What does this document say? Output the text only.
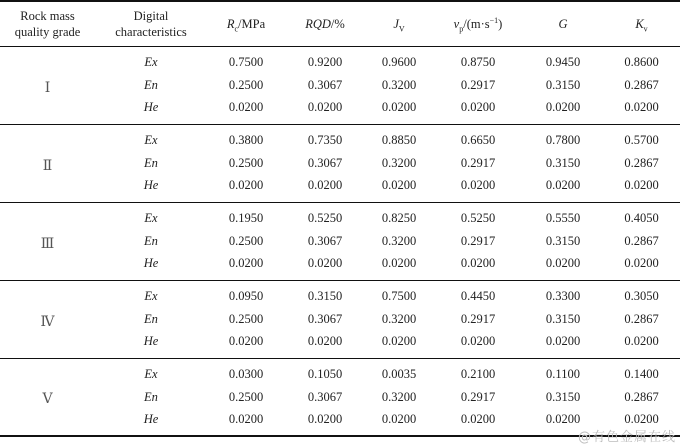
Rock mass quality grade	Digital characteristics	$R_c$/MPa	RQD/%	$J_V$	$v_p/(m\cdot s^{-1})$	G	$K_v$
Ⅰ	Ex	0.7500	0.9200	0.9600	0.8750	0.9450	0.8600
	En	0.2500	0.3067	0.3200	0.2917	0.3150	0.2867
	He	0.0200	0.0200	0.0200	0.0200	0.0200	0.0200
Ⅱ	Ex	0.3800	0.7350	0.8850	0.6650	0.7800	0.5700
	En	0.2500	0.3067	0.3200	0.2917	0.3150	0.2867
	He	0.0200	0.0200	0.0200	0.0200	0.0200	0.0200
Ⅲ	Ex	0.1950	0.5250	0.8250	0.5250	0.5550	0.4050
	En	0.2500	0.3067	0.3200	0.2917	0.3150	0.2867
	He	0.0200	0.0200	0.0200	0.0200	0.0200	0.0200
Ⅳ	Ex	0.0950	0.3150	0.7500	0.4450	0.3300	0.3050
	En	0.2500	0.3067	0.3200	0.2917	0.3150	0.2867
	He	0.0200	0.0200	0.0200	0.0200	0.0200	0.0200
Ⅴ	Ex	0.0300	0.1050	0.0035	0.2100	0.1100	0.1400
	En	0.2500	0.3067	0.3200	0.2917	0.3150	0.2867
	He	0.0200	0.0200	0.0200	0.0200	0.0200	0.0200
@有色金属在线
